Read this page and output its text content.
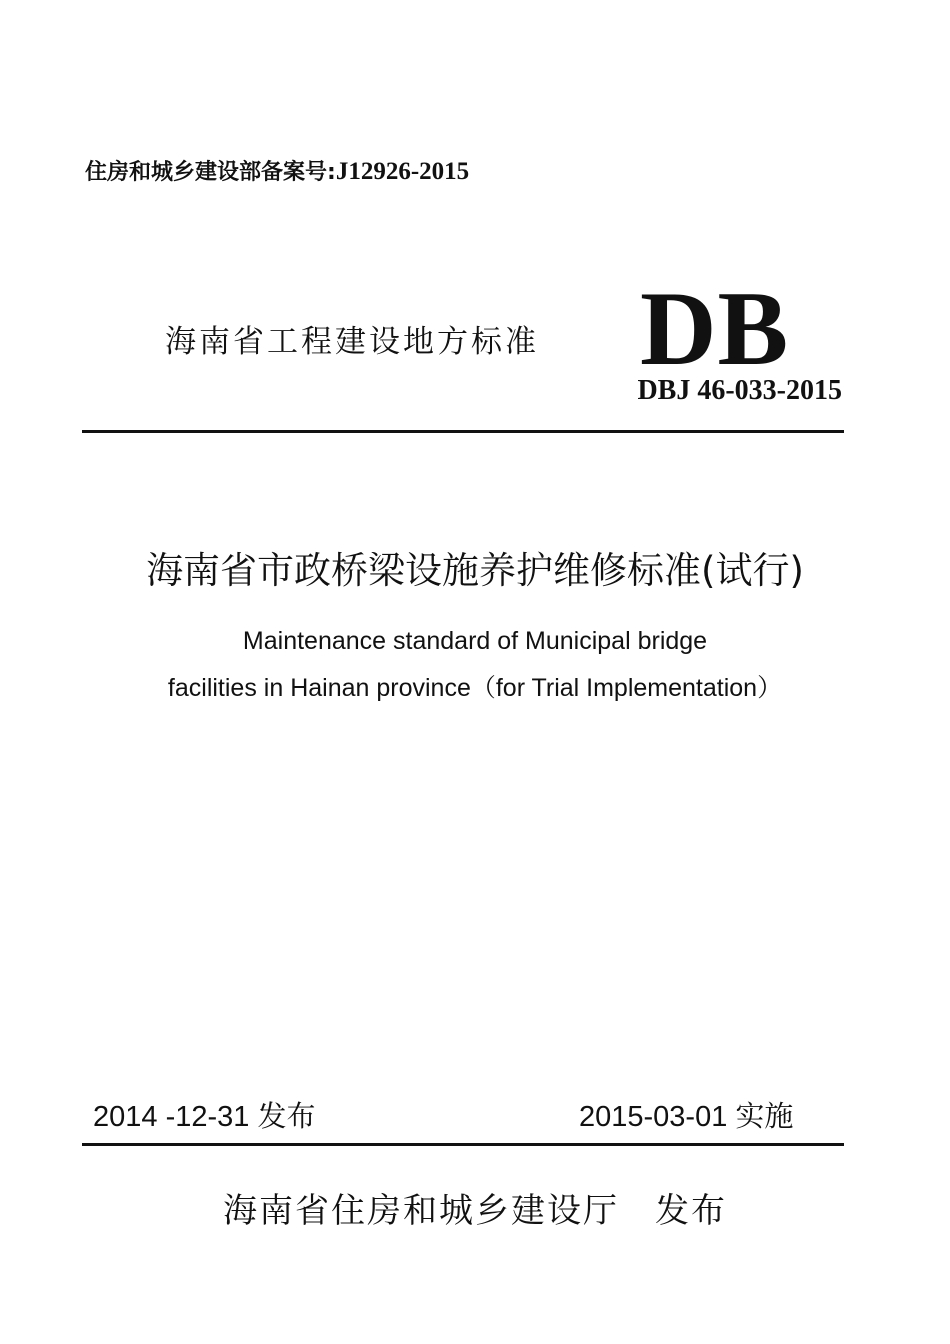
住房和城乡建设部备案号:J12926-2015
海南省工程建设地方标准 DB
DBJ 46-033-2015
海南省市政桥梁设施养护维修标准(试行)
Maintenance standard of Municipal bridge
facilities in Hainan province（for Trial Implementation）
2014 -12-31 发布	2015-03-01 实施
海南省住房和城乡建设厅　发布
